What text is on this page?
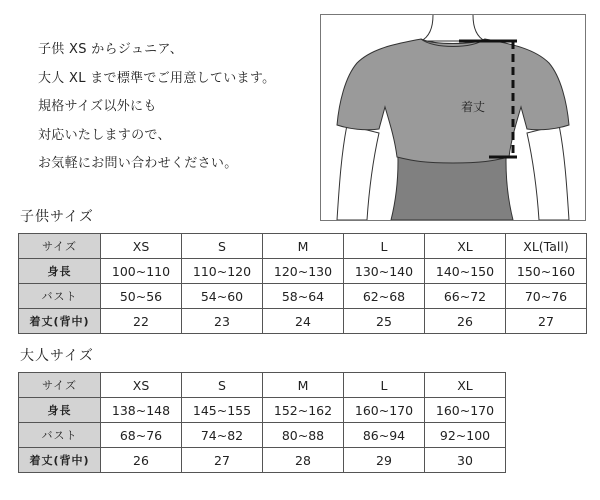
子供 XS からジュニア、
大人 XL まで標準でご用意しています。
規格サイズ以外にも
対応いたしますので、
お気軽にお問い合わせください。
着丈
子供サイズ
サイズ	XS	S	M	L	XL	XL(Tall)
身長	100~110	110~120	120~130	130~140	140~150	150~160
バスト	50~56	54~60	58~64	62~68	66~72	70~76
着丈(背中)	22	23	24	25	26	27
大人サイズ
サイズ	XS	S	M	L	XL
身長	138~148	145~155	152~162	160~170	160~170
バスト	68~76	74~82	80~88	86~94	92~100
着丈(背中)	26	27	28	29	30
